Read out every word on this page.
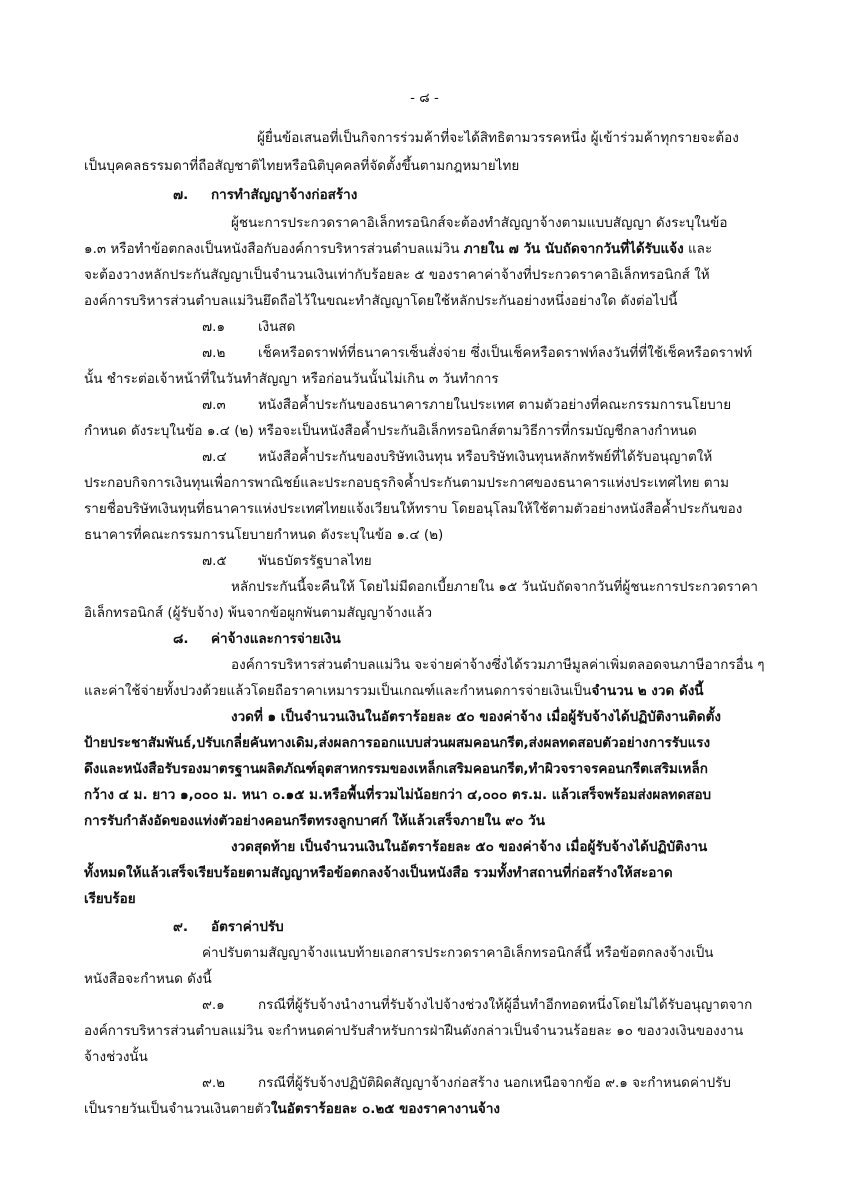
- ๘ -
ผู้ยื่นข้อเสนอที่เป็นกิจการร่วมค้าที่จะได้สิทธิตามวรรคหนึ่ง ผู้เข้าร่วมค้าทุกรายจะต้อง
เป็นบุคคลธรรมดาที่ถือสัญชาติไทยหรือนิติบุคคลที่จัดตั้งขึ้นตามกฎหมายไทย
๗. การทำสัญญาจ้างก่อสร้าง
ผู้ชนะการประกวดราคาอิเล็กทรอนิกส์จะต้องทำสัญญาจ้างตามแบบสัญญา ดังระบุในข้อ
๑.๓ หรือทำข้อตกลงเป็นหนังสือกับองค์การบริหารส่วนตำบลแม่วิน ภายใน ๗ วัน นับถัดจากวันที่ได้รับแจ้ง และ
จะต้องวางหลักประกันสัญญาเป็นจำนวนเงินเท่ากับร้อยละ ๕ ของราคาค่าจ้างที่ประกวดราคาอิเล็กทรอนิกส์ ให้
องค์การบริหารส่วนตำบลแม่วินยึดถือไว้ในขณะทำสัญญาโดยใช้หลักประกันอย่างหนึ่งอย่างใด ดังต่อไปนี้
๗.๑ เงินสด
๗.๒ เช็คหรือดราฟท์ที่ธนาคารเซ็นสั่งจ่าย ซึ่งเป็นเช็คหรือดราฟท์ลงวันที่ที่ใช้เช็คหรือดราฟท์
นั้น ชำระต่อเจ้าหน้าที่ในวันทำสัญญา หรือก่อนวันนั้นไม่เกิน ๓ วันทำการ
๗.๓ หนังสือค้ำประกันของธนาคารภายในประเทศ ตามตัวอย่างที่คณะกรรมการนโยบาย
กำหนด ดังระบุในข้อ ๑.๔ (๒) หรือจะเป็นหนังสือค้ำประกันอิเล็กทรอนิกส์ตามวิธีการที่กรมบัญชีกลางกำหนด
๗.๔ หนังสือค้ำประกันของบริษัทเงินทุน หรือบริษัทเงินทุนหลักทรัพย์ที่ได้รับอนุญาตให้
ประกอบกิจการเงินทุนเพื่อการพาณิชย์และประกอบธุรกิจค้ำประกันตามประกาศของธนาคารแห่งประเทศไทย ตาม
รายชื่อบริษัทเงินทุนที่ธนาคารแห่งประเทศไทยแจ้งเวียนให้ทราบ โดยอนุโลมให้ใช้ตามตัวอย่างหนังสือค้ำประกันของ
ธนาคารที่คณะกรรมการนโยบายกำหนด ดังระบุในข้อ ๑.๔ (๒)
๗.๕ พันธบัตรรัฐบาลไทย
หลักประกันนี้จะคืนให้ โดยไม่มีดอกเบี้ยภายใน ๑๕ วันนับถัดจากวันที่ผู้ชนะการประกวดราคา
อิเล็กทรอนิกส์ (ผู้รับจ้าง) พ้นจากข้อผูกพันตามสัญญาจ้างแล้ว
๘. ค่าจ้างและการจ่ายเงิน
องค์การบริหารส่วนตำบลแม่วิน จะจ่ายค่าจ้างซึ่งได้รวมภาษีมูลค่าเพิ่มตลอดจนภาษีอากรอื่น ๆ
และค่าใช้จ่ายทั้งปวงด้วยแล้วโดยถือราคาเหมารวมเป็นเกณฑ์และกำหนดการจ่ายเงินเป็นจำนวน ๒ งวด ดังนี้
งวดที่ ๑ เป็นจำนวนเงินในอัตราร้อยละ ๕๐ ของค่าจ้าง เมื่อผู้รับจ้างได้ปฏิบัติงานติดตั้ง
ป้ายประชาสัมพันธ์,ปรับเกลี่ยคันทางเดิม,ส่งผลการออกแบบส่วนผสมคอนกรีต,ส่งผลทดสอบตัวอย่างการรับแรง
ดึงและหนังสือรับรองมาตรฐานผลิตภัณฑ์อุตสาหกรรมของเหล็กเสริมคอนกรีต,ทำผิวจราจรคอนกรีตเสริมเหล็ก
กว้าง ๔ ม. ยาว ๑,๐๐๐ ม. หนา ๐.๑๕ ม.หรือพื้นที่รวมไม่น้อยกว่า ๔,๐๐๐ ตร.ม. แล้วเสร็จพร้อมส่งผลทดสอบ
การรับกำลังอัดของแท่งตัวอย่างคอนกรีตทรงลูกบาศก์ ให้แล้วเสร็จภายใน ๙๐ วัน
งวดสุดท้าย เป็นจำนวนเงินในอัตราร้อยละ ๕๐ ของค่าจ้าง เมื่อผู้รับจ้างได้ปฏิบัติงาน
ทั้งหมดให้แล้วเสร็จเรียบร้อยตามสัญญาหรือข้อตกลงจ้างเป็นหนังสือ รวมทั้งทำสถานที่ก่อสร้างให้สะอาด
เรียบร้อย
๙. อัตราค่าปรับ
ค่าปรับตามสัญญาจ้างแนบท้ายเอกสารประกวดราคาอิเล็กทรอนิกส์นี้ หรือข้อตกลงจ้างเป็น
หนังสือจะกำหนด ดังนี้
๙.๑ กรณีที่ผู้รับจ้างนำงานที่รับจ้างไปจ้างช่วงให้ผู้อื่นทำอีกทอดหนึ่งโดยไม่ได้รับอนุญาตจาก
องค์การบริหารส่วนตำบลแม่วิน จะกำหนดค่าปรับสำหรับการฝ่าฝืนดังกล่าวเป็นจำนวนร้อยละ ๑๐ ของวงเงินของงาน
จ้างช่วงนั้น
๙.๒ กรณีที่ผู้รับจ้างปฏิบัติผิดสัญญาจ้างก่อสร้าง นอกเหนือจากข้อ ๙.๑ จะกำหนดค่าปรับ
เป็นรายวันเป็นจำนวนเงินตายตัวในอัตราร้อยละ ๐.๒๕ ของราคางานจ้าง
